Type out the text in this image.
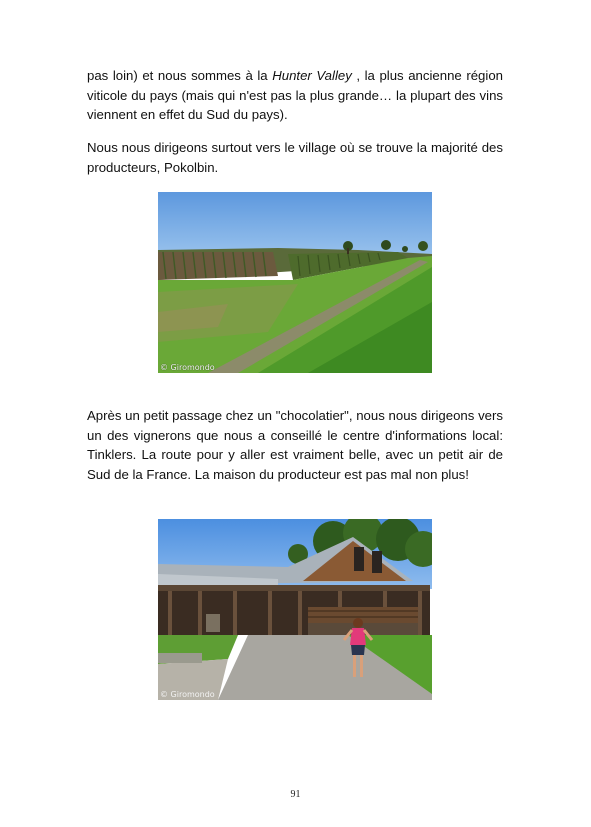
pas loin) et nous sommes à la Hunter Valley , la plus ancienne région viticole du pays (mais qui n'est pas la plus grande… la plupart des vins viennent en effet du Sud du pays).

Nous nous dirigeons surtout vers le village où se trouve la majorité des producteurs, Pokolbin.

© Giromondo

Après un petit passage chez un "chocolatier", nous nous dirigeons vers un des vignerons que nous a conseillé le centre d'informations local: Tinklers. La route pour y aller est vraiment belle, avec un petit air de Sud de la France. La maison du producteur est pas mal non plus!

© Giromondo
91
